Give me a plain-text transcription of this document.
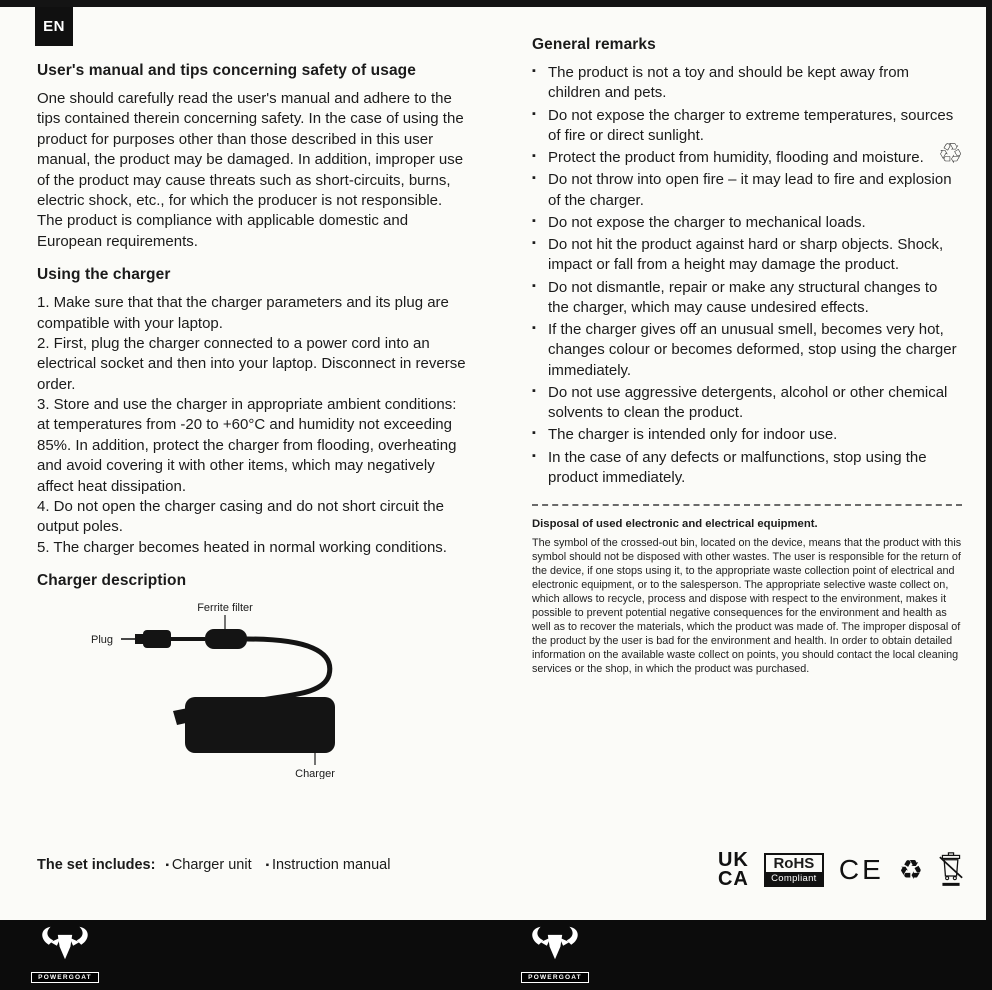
EN
User's manual and tips concerning safety of usage

One should carefully read the user's manual and adhere to the tips contained therein concerning safety. In the case of using the product for purposes other than those described in this user manual, the product may be damaged. In addition, improper use of the product may cause threats such as short-circuits, burns, electric shock, etc., for which the producer is not responsible. The product is compliance with applicable domestic and European requirements.

Using the charger

1. Make sure that that the charger parameters and its plug are compatible with your laptop.

2. First, plug the charger connected to a power cord into an electrical socket and then into your laptop. Disconnect in reverse order.

3. Store and use the charger in appropriate ambient conditions: at temperatures from -20 to +60°C and humidity not exceeding 85%. In addition, protect the charger from flooding, overheating and avoid covering it with other items, which may negatively affect heat dissipation.

4. Do not open the charger casing and do not short circuit the output poles.

5. The charger becomes heated in normal working conditions.

Charger description
Ferrite filter
Plug
Charger
The set includes: ▪ Charger unit ▪ Instruction manual
General remarks
▪ The product is not a toy and should be kept away from children and pets.
▪ Do not expose the charger to extreme temperatures, sources of fire or direct sunlight.
▪ Protect the product from humidity, flooding and moisture.
▪ Do not throw into open fire – it may lead to fire and explosion of the charger.
▪ Do not expose the charger to mechanical loads.
▪ Do not hit the product against hard or sharp objects. Shock, impact or fall from a height may damage the product.
▪ Do not dismantle, repair or make any structural changes to the charger, which may cause undesired effects.
▪ If the charger gives off an unusual smell, becomes very hot, changes colour or becomes deformed, stop using the charger immediately.
▪ Do not use aggressive detergents, alcohol or other chemical solvents to clean the product.
▪ The charger is intended only for indoor use.
▪ In the case of any defects or malfunctions, stop using the product immediately.

Disposal of used electronic and electrical equipment.

The symbol of the crossed-out bin, located on the device, means that the product with this symbol should not be disposed with other wastes. The user is responsible for the return of the device, if one stops using it, to the appropriate waste collection point of electrical and electronic equipment, or to the salesperson. The appropriate selective waste collect on, which allows to recycle, process and dispose with respect to the environment, makes it possible to prevent potential negative consequences for the environment and health as well as to recover the materials, which the product was made of. The improper disposal of the product by the user is bad for the environment and health. In order to obtain detailed information on the available waste collect on points, you should contact the local cleaning services or the shop, in which the product was purchased.

♲
UK
CA
RoHS
Compliant CE ♻
POWERGOAT	POWERGOAT
